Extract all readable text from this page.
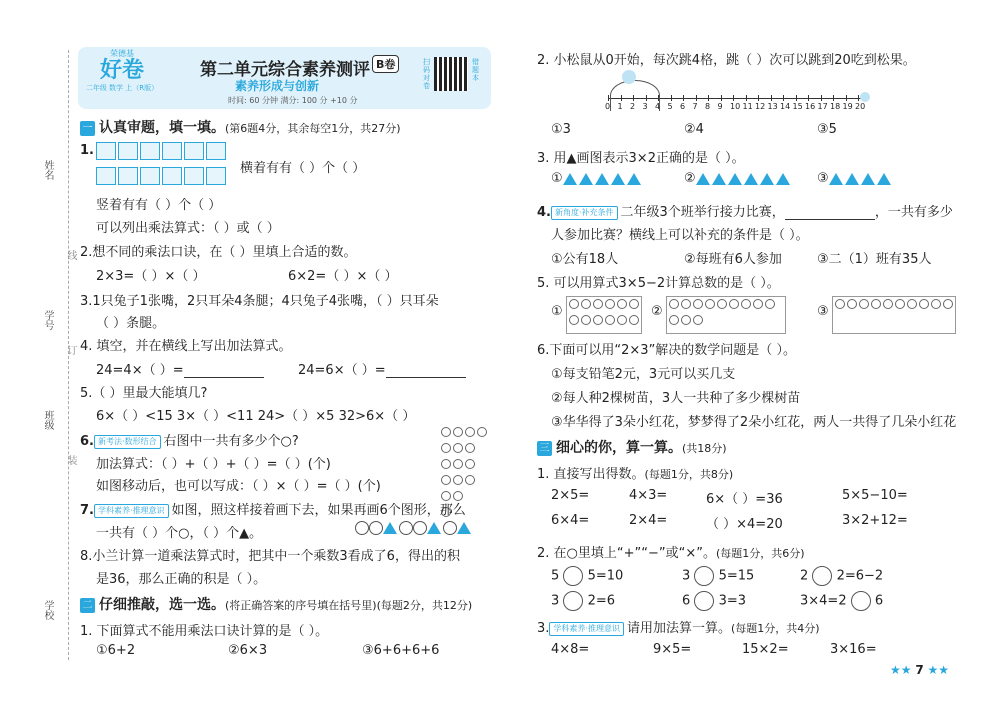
姓名
学号
班级
学校
线
订
装
荣德基
好卷
二年级 数学 上（R版）
第二单元综合素养测评 B卷
素养形成与创新
时间: 60 分钟 满分: 100 分 +10 分
扫码对卷
错题本
一 认真审题，填一填。(第6题4分，其余每空1分，共27分)
1.
横着有有（ ）个（ ）
竖着有有（ ）个（ ）
可以列出乘法算式：（ ）或（ ）
2.想不同的乘法口诀，在（ ）里填上合适的数。
2×3=（ ）×（ ）	6×2=（ ）×（ ）
3.1只兔子1张嘴，2只耳朵4条腿；4只兔子4张嘴，（ ）只耳朵
（ ）条腿。
4. 填空，并在横线上写出加法算式。
24=4×（ ）=	24=6×（ ）=
5.（ ）里最大能填几?
6×（ ）<15 3×（ ）<11 24>（ ）×5 32>6×（ ）
6. 新考法·数形结合 右图中一共有多少个○?
加法算式：（ ）+（ ）+（ ）=（ ）(个)
如图移动后，也可以写成：（ ）×（ ）=（ ）(个)
7. 学科素养·推理意识 如图，照这样接着画下去，如果再画6个图形，那么
一共有（ ）个○，（ ）个▲。
8.小兰计算一道乘法算式时，把其中一个乘数3看成了6，得出的积
是36，那么正确的积是（ ）。
二 仔细推敲，选一选。(将正确答案的序号填在括号里)(每题2分，共12分)
1. 下面算式不能用乘法口诀计算的是（ ）。
①6+2	②6×3	③6+6+6+6
2. 小松鼠从0开始，每次跳4格，跳（ ）次可以跳到20吃到松果。
0 1 2 3 4 5 6 7 8 9 10 11 12 13 14 15 16 17 18 19 20
①3	②4	③5
3. 用▲画图表示3×2正确的是（ ）。
①	②	③
4. 新角度·补充条件 二年级3个班举行接力比赛，	，一共有多少
人参加比赛？横线上可以补充的条件是（ ）。
①公有18人	②每班有6人参加	③二（1）班有35人
5. 可以用算式3×5−2计算总数的是（ ）。
①	②	③
6.下面可以用“2×3”解决的数学问题是（ ）。
①每支铅笔2元，3元可以买几支
②每人种2棵树苗，3人一共种了多少棵树苗
③华华得了3朵小红花，梦梦得了2朵小红花，两人一共得了几朵小红花
三 细心的你，算一算。(共18分)
1. 直接写出得数。(每题1分，共8分)
2×5=	4×3=	6×（ ）=36	5×5−10=
6×4=	2×4=	（ ）×4=20	3×2+12=
2. 在○里填上“+”“−”或“×”。(每题1分，共6分)
5 5=10	3 5=15	2 2=6−2
3 2=6	6 3=3	3×4=2 6
3. 学科素养·推理意识 请用加法算一算。(每题1分，共4分)
4×8=	9×5=	15×2=	3×16=
★★ 7 ★★
